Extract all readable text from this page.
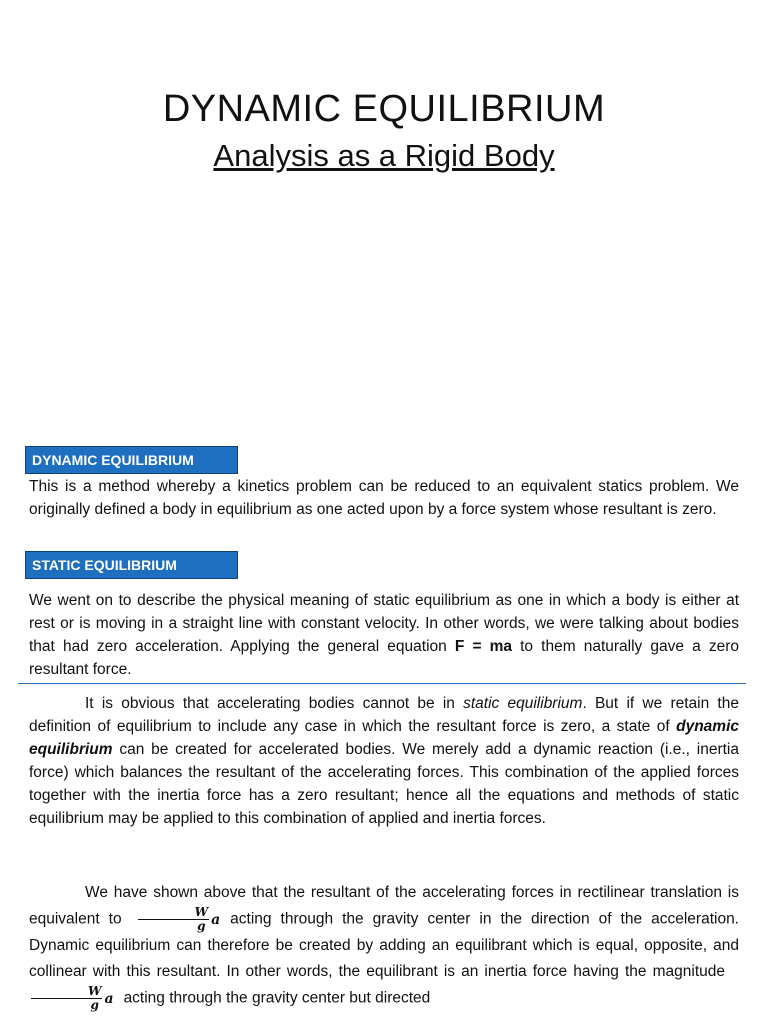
DYNAMIC EQUILIBRIUM
Analysis as a Rigid Body
DYNAMIC EQUILIBRIUM
This is a method whereby a kinetics problem can be reduced to an equivalent statics problem. We originally defined a body in equilibrium as one acted upon by a force system whose resultant is zero.
STATIC EQUILIBRIUM
We went on to describe the physical meaning of static equilibrium as one in which a body is either at rest or is moving in a straight line with constant velocity. In other words, we were talking about bodies that had zero acceleration. Applying the general equation F = ma to them naturally gave a zero resultant force.
It is obvious that accelerating bodies cannot be in static equilibrium. But if we retain the definition of equilibrium to include any case in which the resultant force is zero, a state of dynamic equilibrium can be created for accelerated bodies. We merely add a dynamic reaction (i.e., inertia force) which balances the resultant of the accelerating forces. This combination of the applied forces together with the inertia force has a zero resultant; hence all the equations and methods of static equilibrium may be applied to this combination of applied and inertia forces.
We have shown above that the resultant of the accelerating forces in rectilinear translation is equivalent to $\frac{W}{g}$ a acting through the gravity center in the direction of the acceleration. Dynamic equilibrium can therefore be created by adding an equilibrant which is equal, opposite, and collinear with this resultant. In other words, the equilibrant is an inertia force having the magnitude
$\frac{W}{g}$ a acting through the gravity center but directed
